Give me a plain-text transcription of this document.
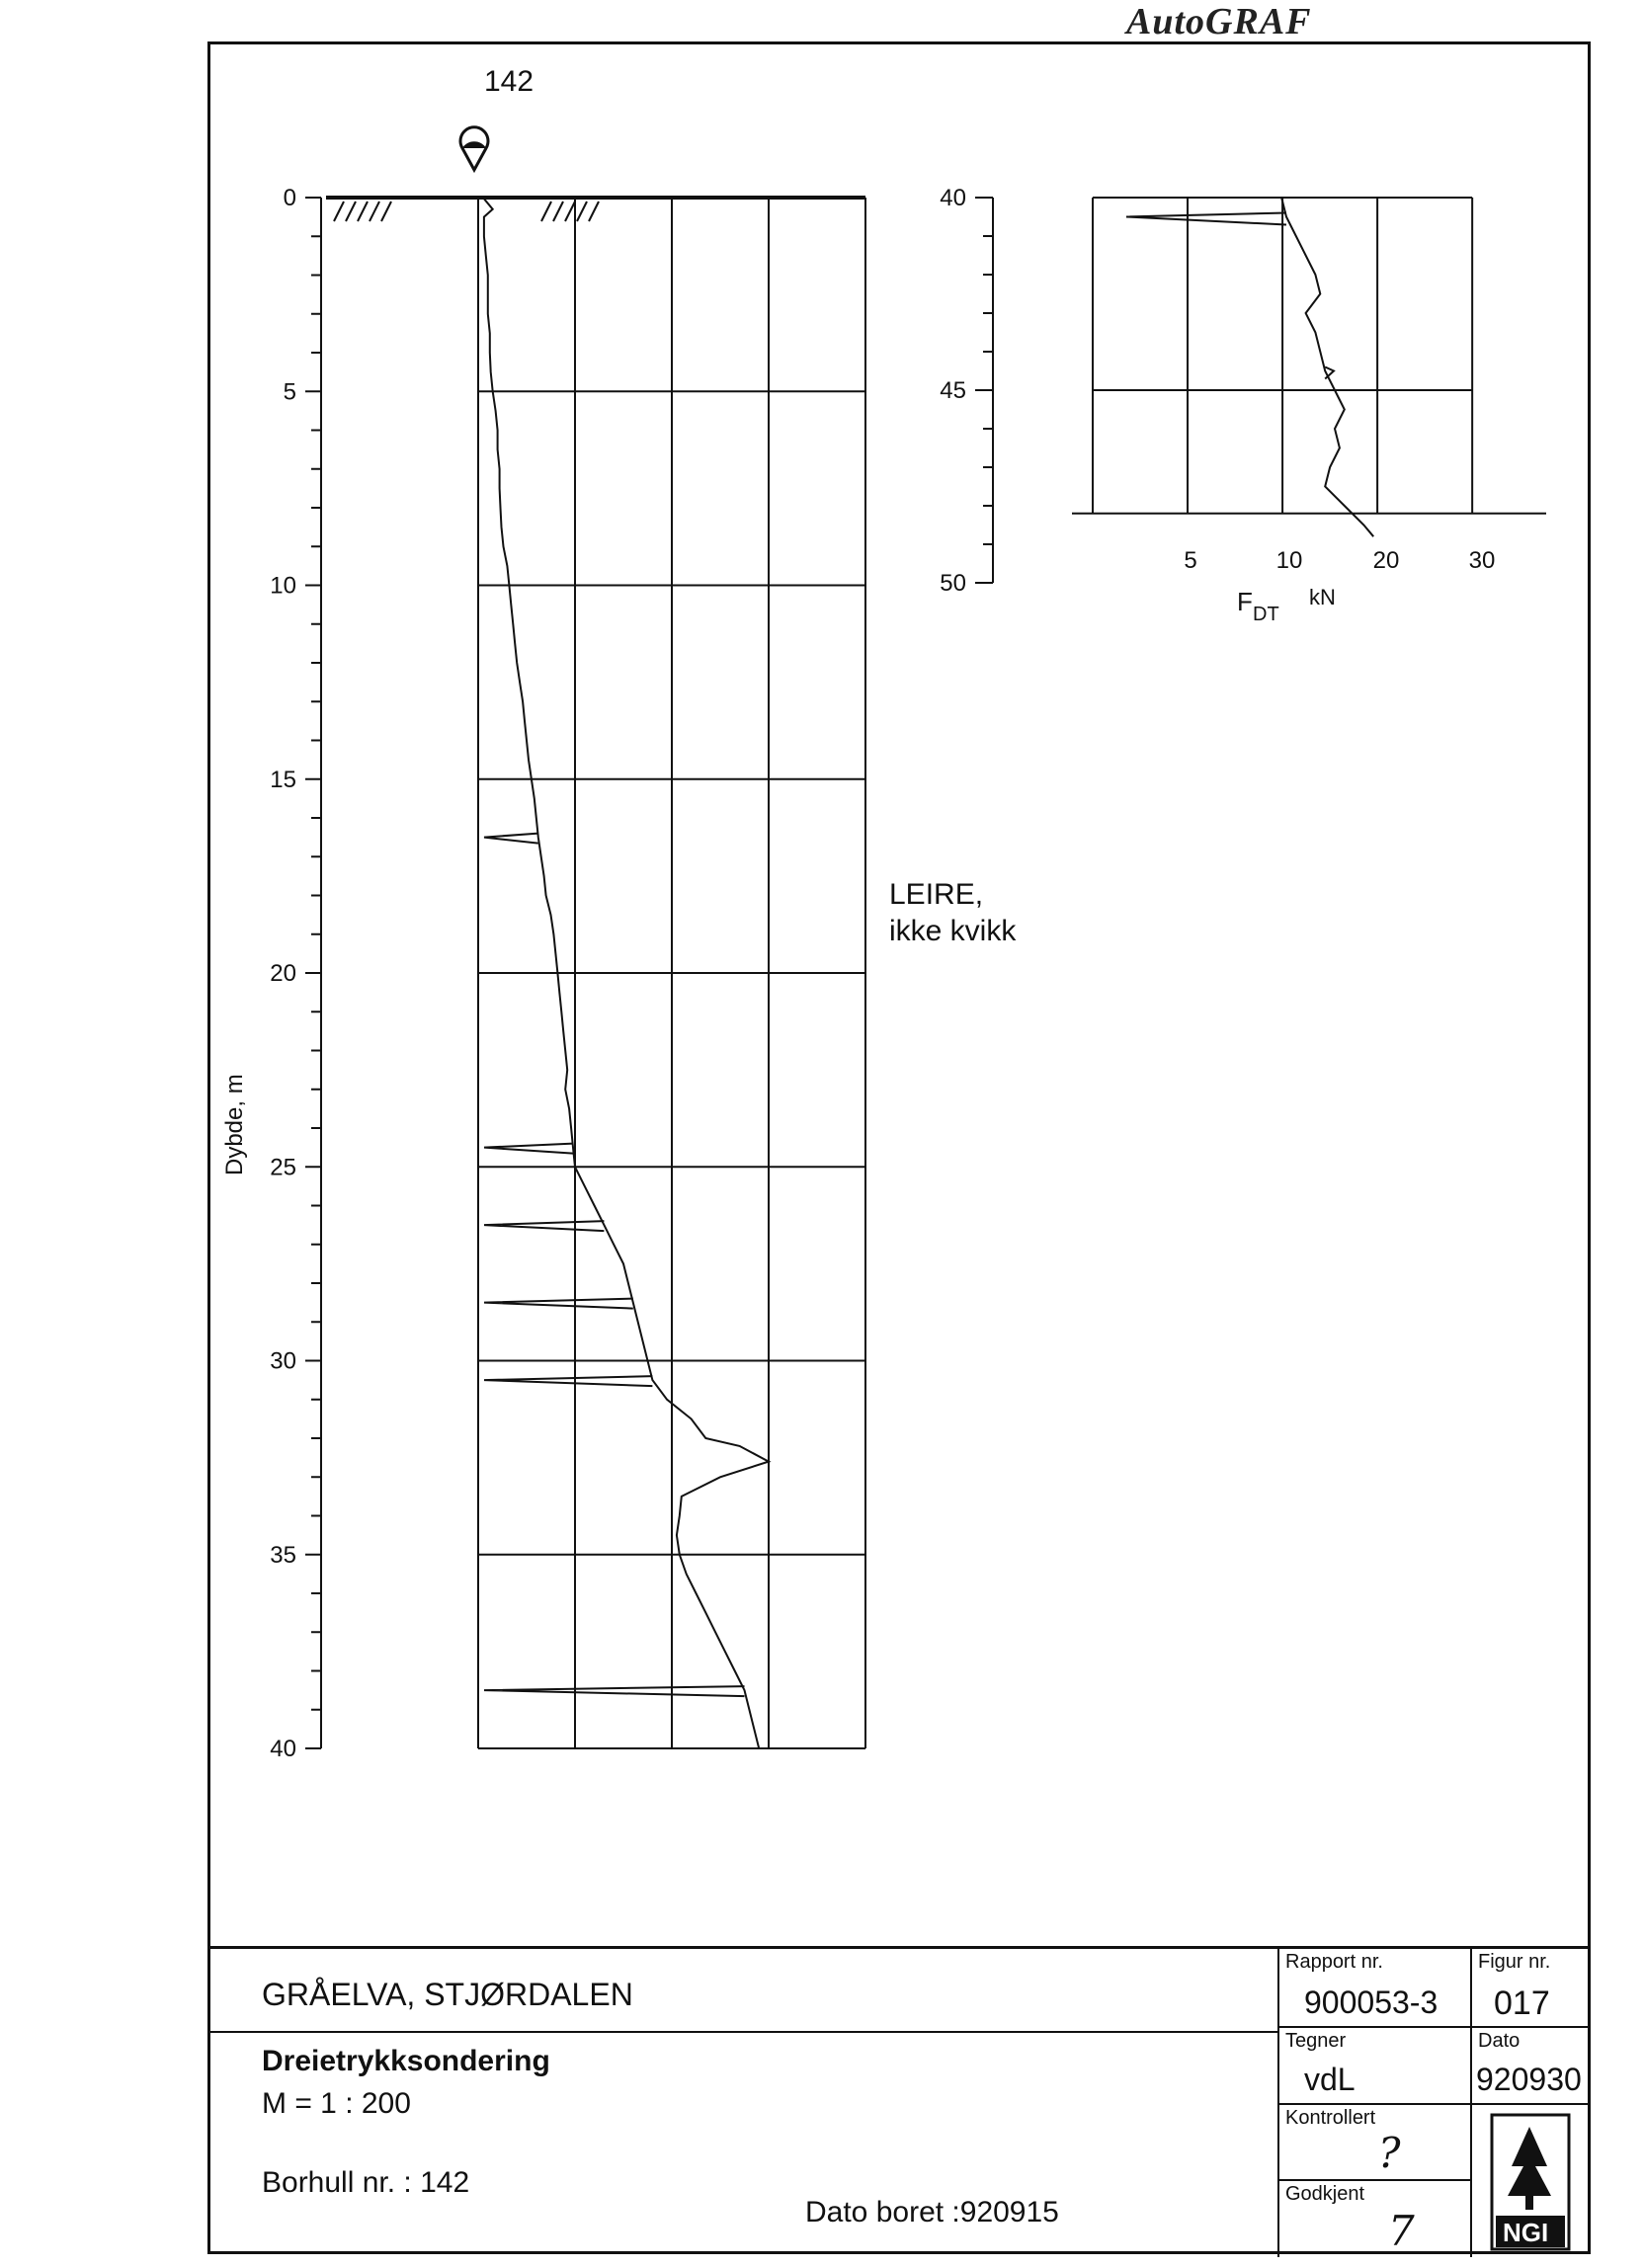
AutoGRAF
142
0
5
10
15
20
25
30
35
40
40
45
50
5	10	20	30
Dybde, m
LEIRE,
ikke kvikk
F DT
kN
GRÅELVA, STJØRDALEN
Dreietrykksondering
M = 1 : 200
Borhull nr. : 142
Dato boret :920915
Rapport nr.
900053-3
Figur nr.
017
Tegner
vdL
Dato
920930
Kontrollert
?
Godkjent
7	NGI
